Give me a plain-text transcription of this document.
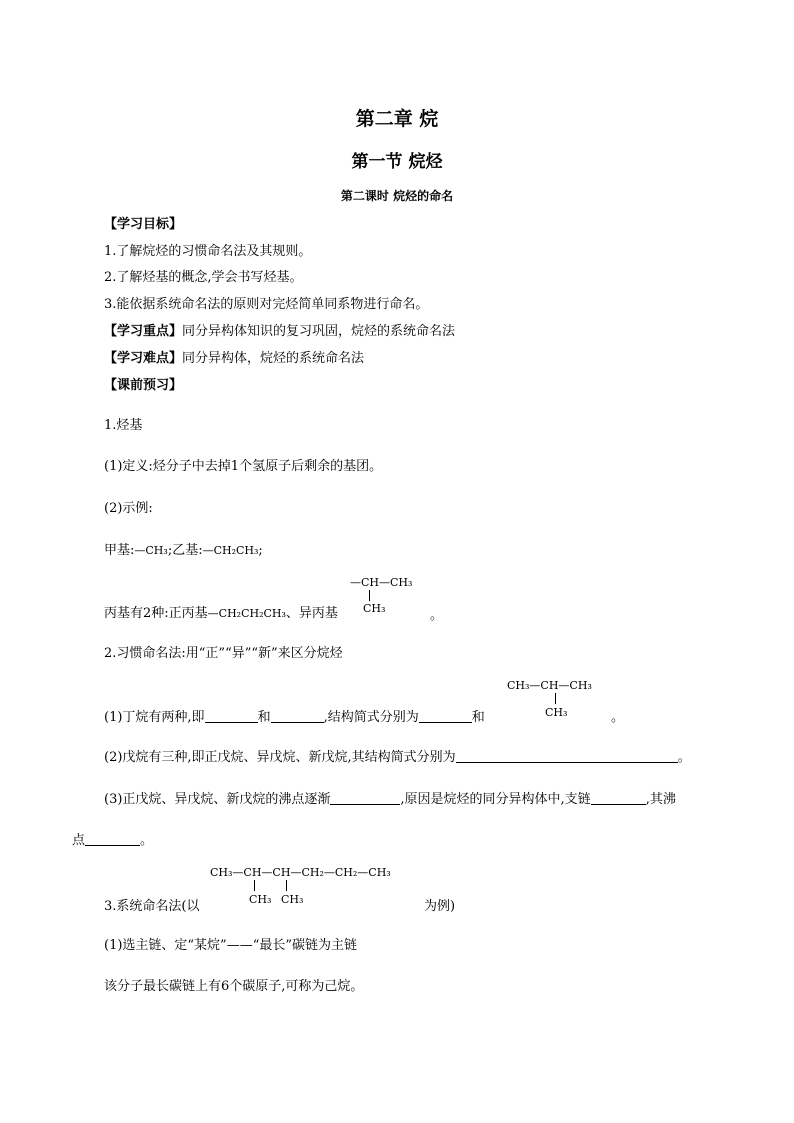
第二章 烷
第一节 烷烃
第二课时 烷烃的命名
【学习目标】
1.了解烷烃的习惯命名法及其规则。
2.了解烃基的概念,学会书写烃基。
3.能依据系统命名法的原则对完烃简单同系物进行命名。
【学习重点】同分异构体知识的复习巩固，烷烃的系统命名法
【学习难点】同分异构体，烷烃的系统命名法
【课前预习】
1.烃基
(1)定义:烃分子中去掉1个氢原子后剩余的基团。
(2)示例:
甲基:—CH₃;乙基:—CH₂CH₃;
—CH—CH₃
CH₃
丙基有2种:正丙基—CH₂CH₂CH₃、异丙基	。
2.习惯命名法:用“正”“异”“新”来区分烷烃
CH₃—CH—CH₃
CH₃
(1)丁烷有两种,即	和	,结构简式分别为	和	。
(2)戊烷有三种,即正戊烷、异戊烷、新戊烷,其结构简式分别为	。
(3)正戊烷、异戊烷、新戊烷的沸点逐渐	,原因是烷烃的同分异构体中,支链	,其沸
点	。
CH₃—CH—CH—CH₂—CH₂—CH₃
CH₃ CH₃
3.系统命名法(以	为例)
(1)选主链、定“某烷”——“最长”碳链为主链
该分子最长碳链上有6个碳原子,可称为己烷。
